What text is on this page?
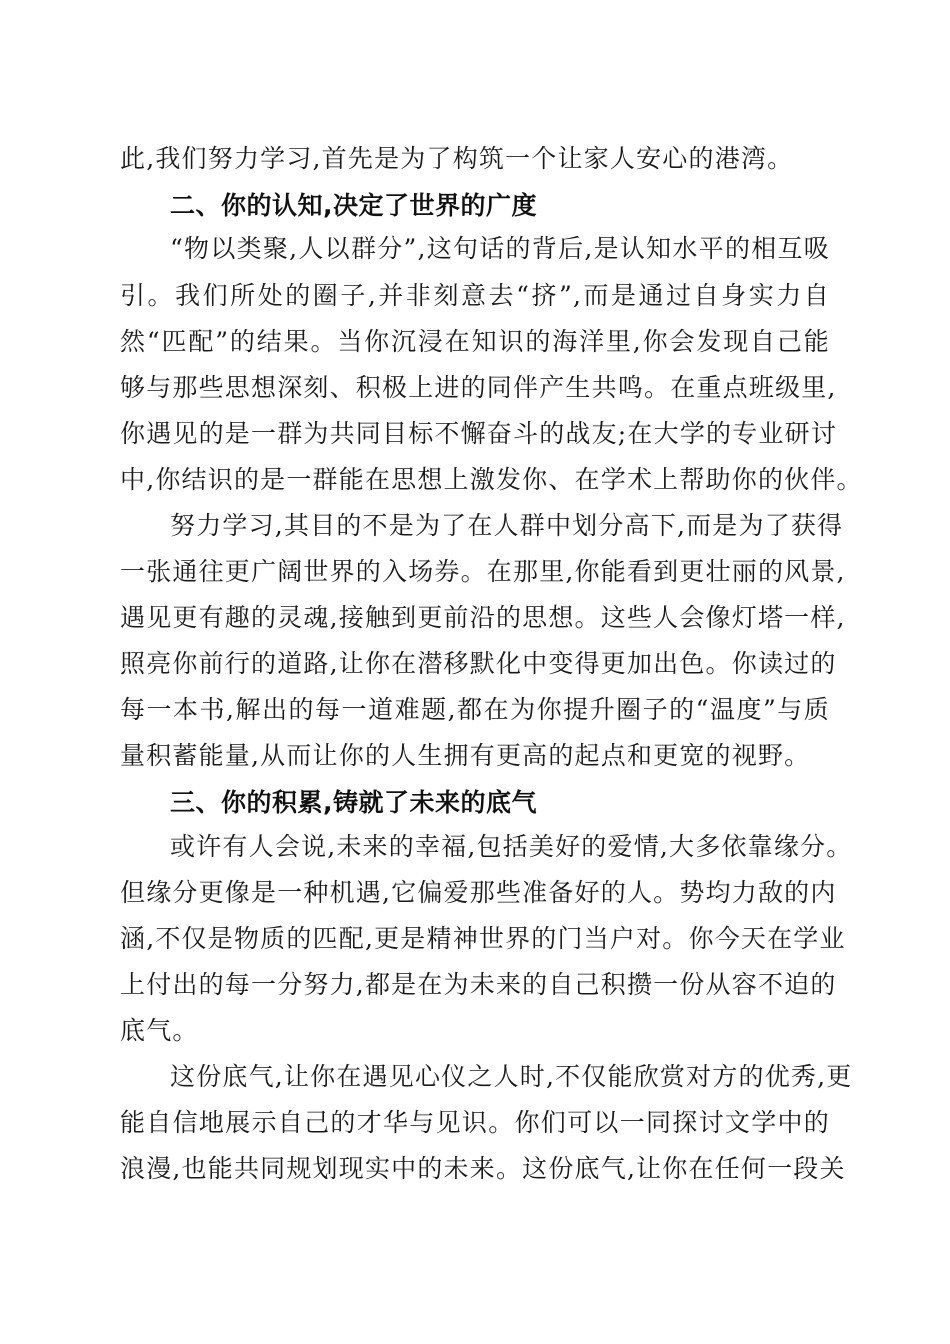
此,我们努力学习,首先是为了构筑一个让家人安心的港湾。
二、你的认知,决定了世界的广度
“物以类聚,人以群分”,这句话的背后,是认知水平的相互吸
引。我们所处的圈子,并非刻意去“挤”,而是通过自身实力自
然“匹配”的结果。当你沉浸在知识的海洋里,你会发现自己能
够与那些思想深刻、积极上进的同伴产生共鸣。在重点班级里,
你遇见的是一群为共同目标不懈奋斗的战友;在大学的专业研讨
中,你结识的是一群能在思想上激发你、在学术上帮助你的伙伴。
努力学习,其目的不是为了在人群中划分高下,而是为了获得
一张通往更广阔世界的入场券。在那里,你能看到更壮丽的风景,
遇见更有趣的灵魂,接触到更前沿的思想。这些人会像灯塔一样,
照亮你前行的道路,让你在潜移默化中变得更加出色。你读过的
每一本书,解出的每一道难题,都在为你提升圈子的“温度”与质
量积蓄能量,从而让你的人生拥有更高的起点和更宽的视野。
三、你的积累,铸就了未来的底气
或许有人会说,未来的幸福,包括美好的爱情,大多依靠缘分。
但缘分更像是一种机遇,它偏爱那些准备好的人。势均力敌的内
涵,不仅是物质的匹配,更是精神世界的门当户对。你今天在学业
上付出的每一分努力,都是在为未来的自己积攒一份从容不迫的
底气。
这份底气,让你在遇见心仪之人时,不仅能欣赏对方的优秀,更
能自信地展示自己的才华与见识。你们可以一同探讨文学中的
浪漫,也能共同规划现实中的未来。这份底气,让你在任何一段关
